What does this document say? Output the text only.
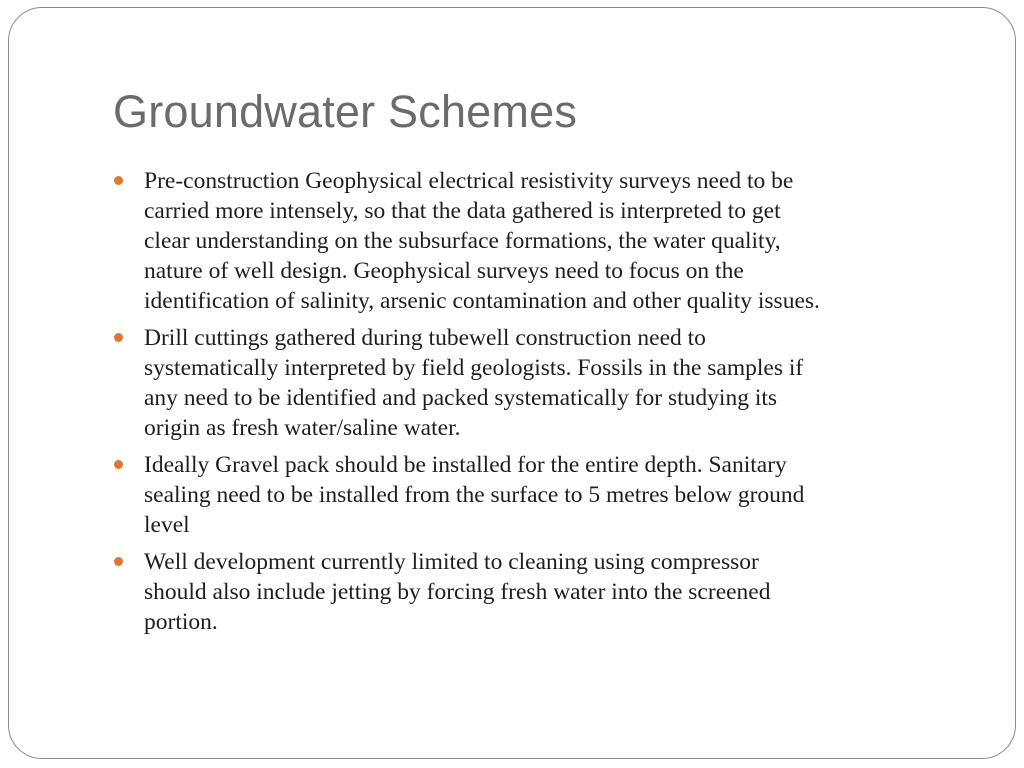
Groundwater Schemes
Pre-construction Geophysical electrical resistivity surveys need to be
carried more intensely, so that the data gathered is interpreted to get
clear understanding on the subsurface formations, the water quality,
nature of well design. Geophysical surveys need to focus on the
identification of salinity, arsenic contamination and other quality issues.
Drill cuttings gathered during tubewell construction need to
systematically interpreted by field geologists. Fossils in the samples if
any need to be identified and packed systematically for studying its
origin as fresh water/saline water.
Ideally Gravel pack should be installed for the entire depth. Sanitary
sealing need to be installed from the surface to 5 metres below ground
level
Well development currently limited to cleaning using compressor
should also include jetting by forcing fresh water into the screened
portion.
